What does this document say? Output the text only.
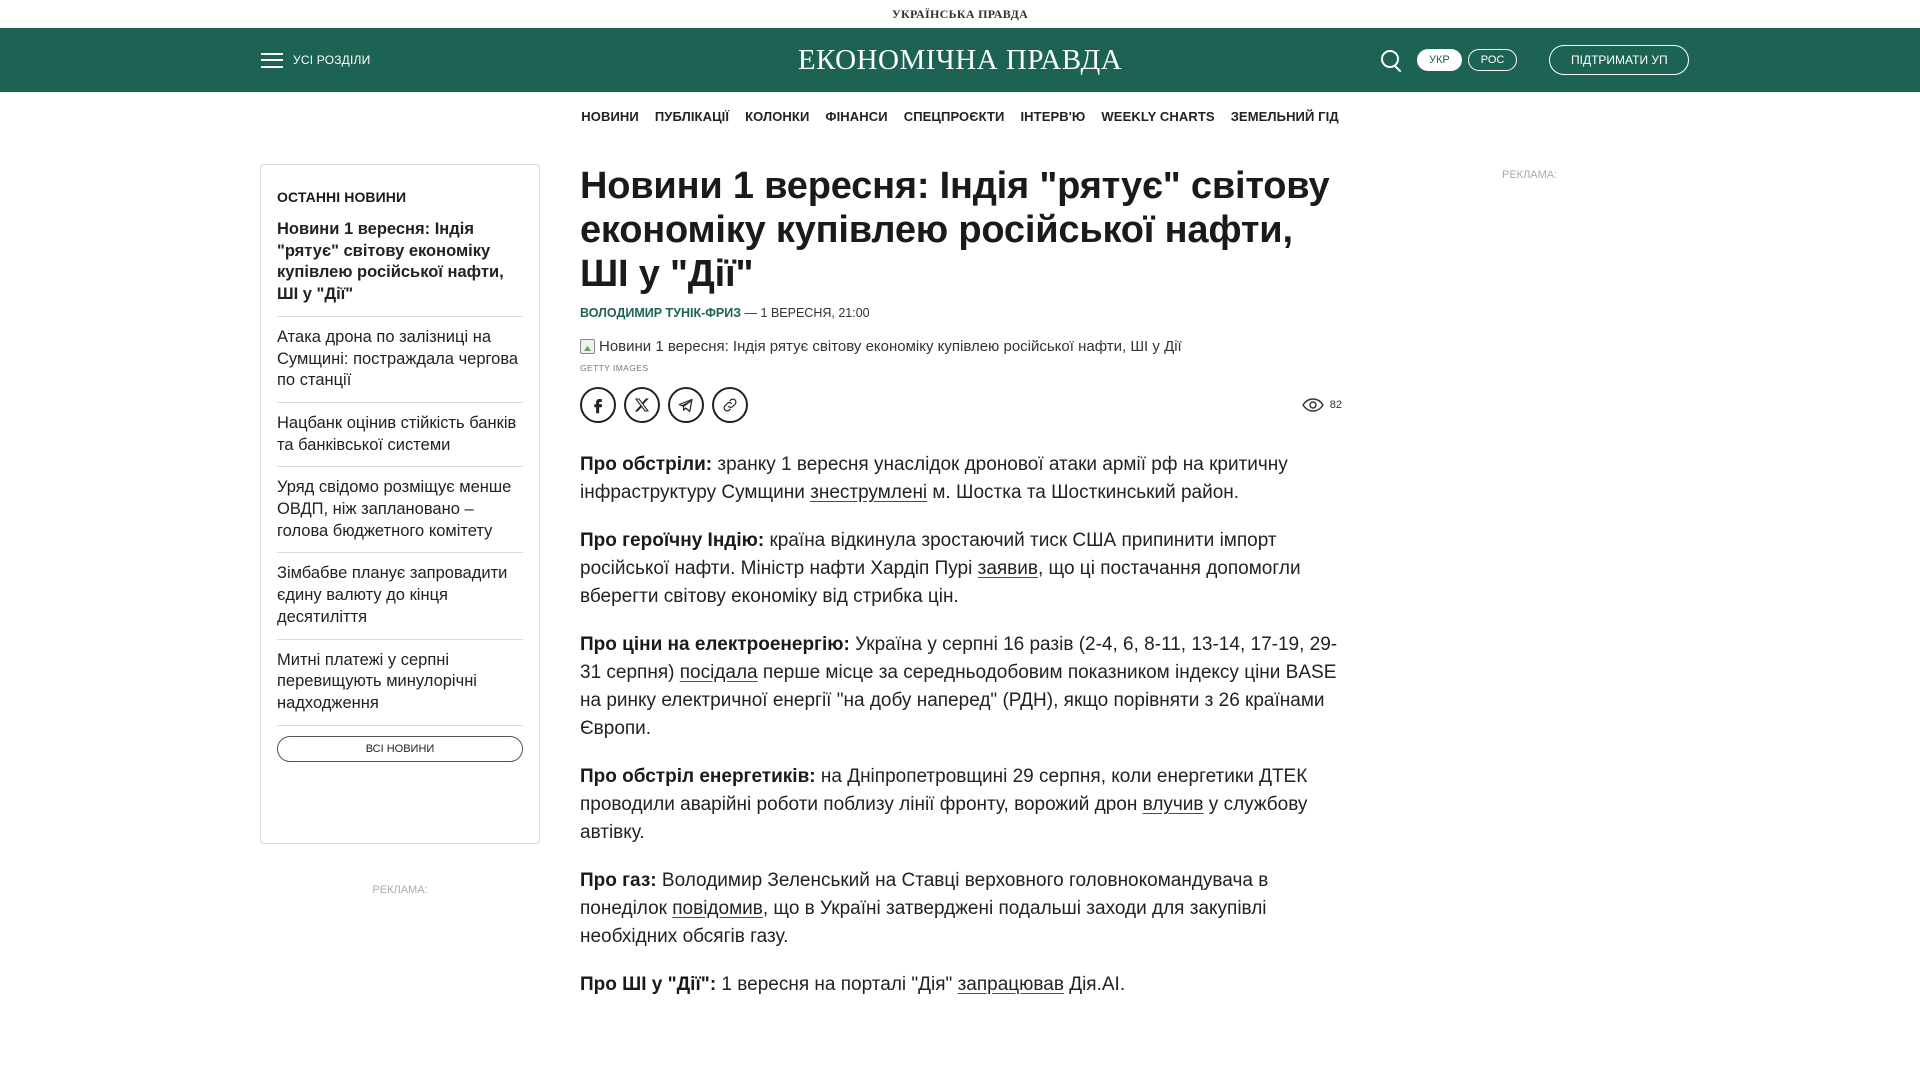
УКРАЇНСЬКА ПРАВДА
УСІ РОЗДІЛИ	ЕКОНОМІЧНА ПРАВДА	УКР	РОС	ПІДТРИМАТИ УП
НОВИНИ ПУБЛІКАЦІЇ КОЛОНКИ ФІНАНСИ СПЕЦПРОЄКТИ ІНТЕРВ'Ю WEEKLY CHARTS ЗЕМЕЛЬНИЙ ГІД
ОСТАННІ НОВИНИ
Новини 1 вересня: Індія "рятує" світову економіку купівлею російської нафти, ШІ у "Дії"
Атака дрона по залізниці на Сумщині: постраждала чергова по станції
Нацбанк оцінив стійкість банків та банківської системи
Уряд свідомо розміщує менше ОВДП, ніж заплановано – голова бюджетного комітету
Зімбабве планує запровадити єдину валюту до кінця десятиліття
Митні платежі у серпні перевищують минулорічні надходження
ВСІ НОВИНИ
РЕКЛАМА:
РЕКЛАМА:
Новини 1 вересня: Індія "рятує" світову економіку купівлею російської нафти, ШІ у "Дії"
ВОЛОДИМИР ТУНІК-ФРИЗ — 1 ВЕРЕСНЯ, 21:00
Новини 1 вересня: Індія рятує світову економіку купівлею російської нафти, ШІ у Дії
GETTY IMAGES
82

Про обстріли: зранку 1 вересня унаслідок дронової атаки армії рф на критичну інфраструктуру Сумщини знеструмлені м. Шостка та Шосткинський район.

Про героїчну Індію: країна відкинула зростаючий тиск США припинити імпорт російської нафти. Міністр нафти Хардіп Пурі заявив, що ці постачання допомогли вберегти світову економіку від стрибка цін.

Про ціни на електроенергію: Україна у серпні 16 разів (2-4, 6, 8-11, 13-14, 17-19, 29-31 серпня) посідала перше місце за середньодобовим показником індексу ціни BASE на ринку електричної енергії "на добу наперед" (РДН), якщо порівняти з 26 країнами Європи.

Про обстріл енергетиків: на Дніпропетровщині 29 серпня, коли енергетики ДТЕК проводили аварійні роботи поблизу лінії фронту, ворожий дрон влучив у службову автівку.

Про газ: Володимир Зеленський на Ставці верховного головнокомандувача в понеділок повідомив, що в Україні затверджені подальші заходи для закупівлі необхідних обсягів газу.

Про ШІ у "Дії": 1 вересня на порталі "Дія" запрацював Дія.AI.
